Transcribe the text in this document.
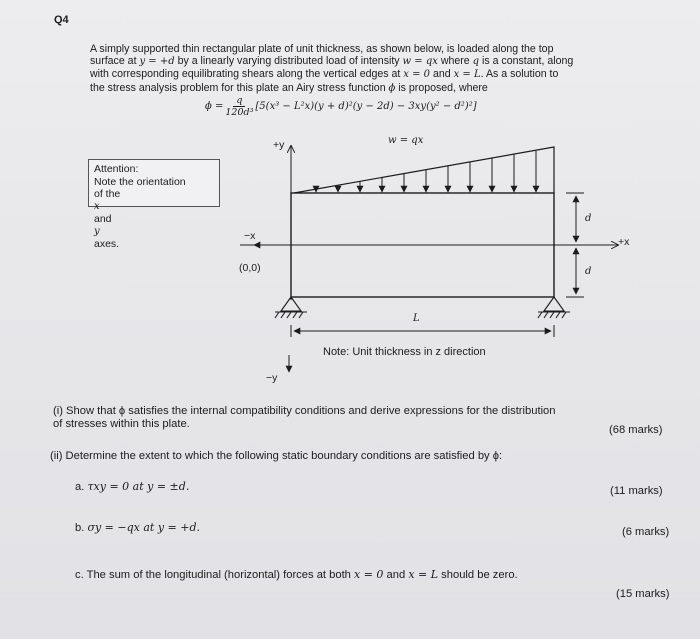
Q4

A simply supported thin rectangular plate of unit thickness, as shown below, is loaded along the top

surface at y = +d by a linearly varying distributed load of intensity w = qx where q is a constant, along

with corresponding equilibrating shears along the vertical edges at x = 0 and x = L. As a solution to

the stress analysis problem for this plate an Airy stress function ϕ is proposed, where

$\phi = \frac{q}{\text{120d³}} [5(x^3 - L^2x)(y + d)^2(y - 2d) - 3xy(y^2 - d^2)^2]$
Attention:
Note the orientation
of the
x
and
y
axes.
w = qx
+y
−y
+x
−x
(0,0)
d
d
L
Note: Unit thickness in z direction
(i) Show that ϕ satisfies the internal compatibility conditions and derive expressions for the distribution
of stresses within this plate.	(68 marks)
(ii) Determine the extent to which the following static boundary conditions are satisfied by ϕ:
a. τxy = 0 at y = ±d.	(11 marks)
b. σy = −qx at y = +d.	(6 marks)
c. The sum of the longitudinal (horizontal) forces at both x = 0 and x = L should be zero.
(15 marks)
